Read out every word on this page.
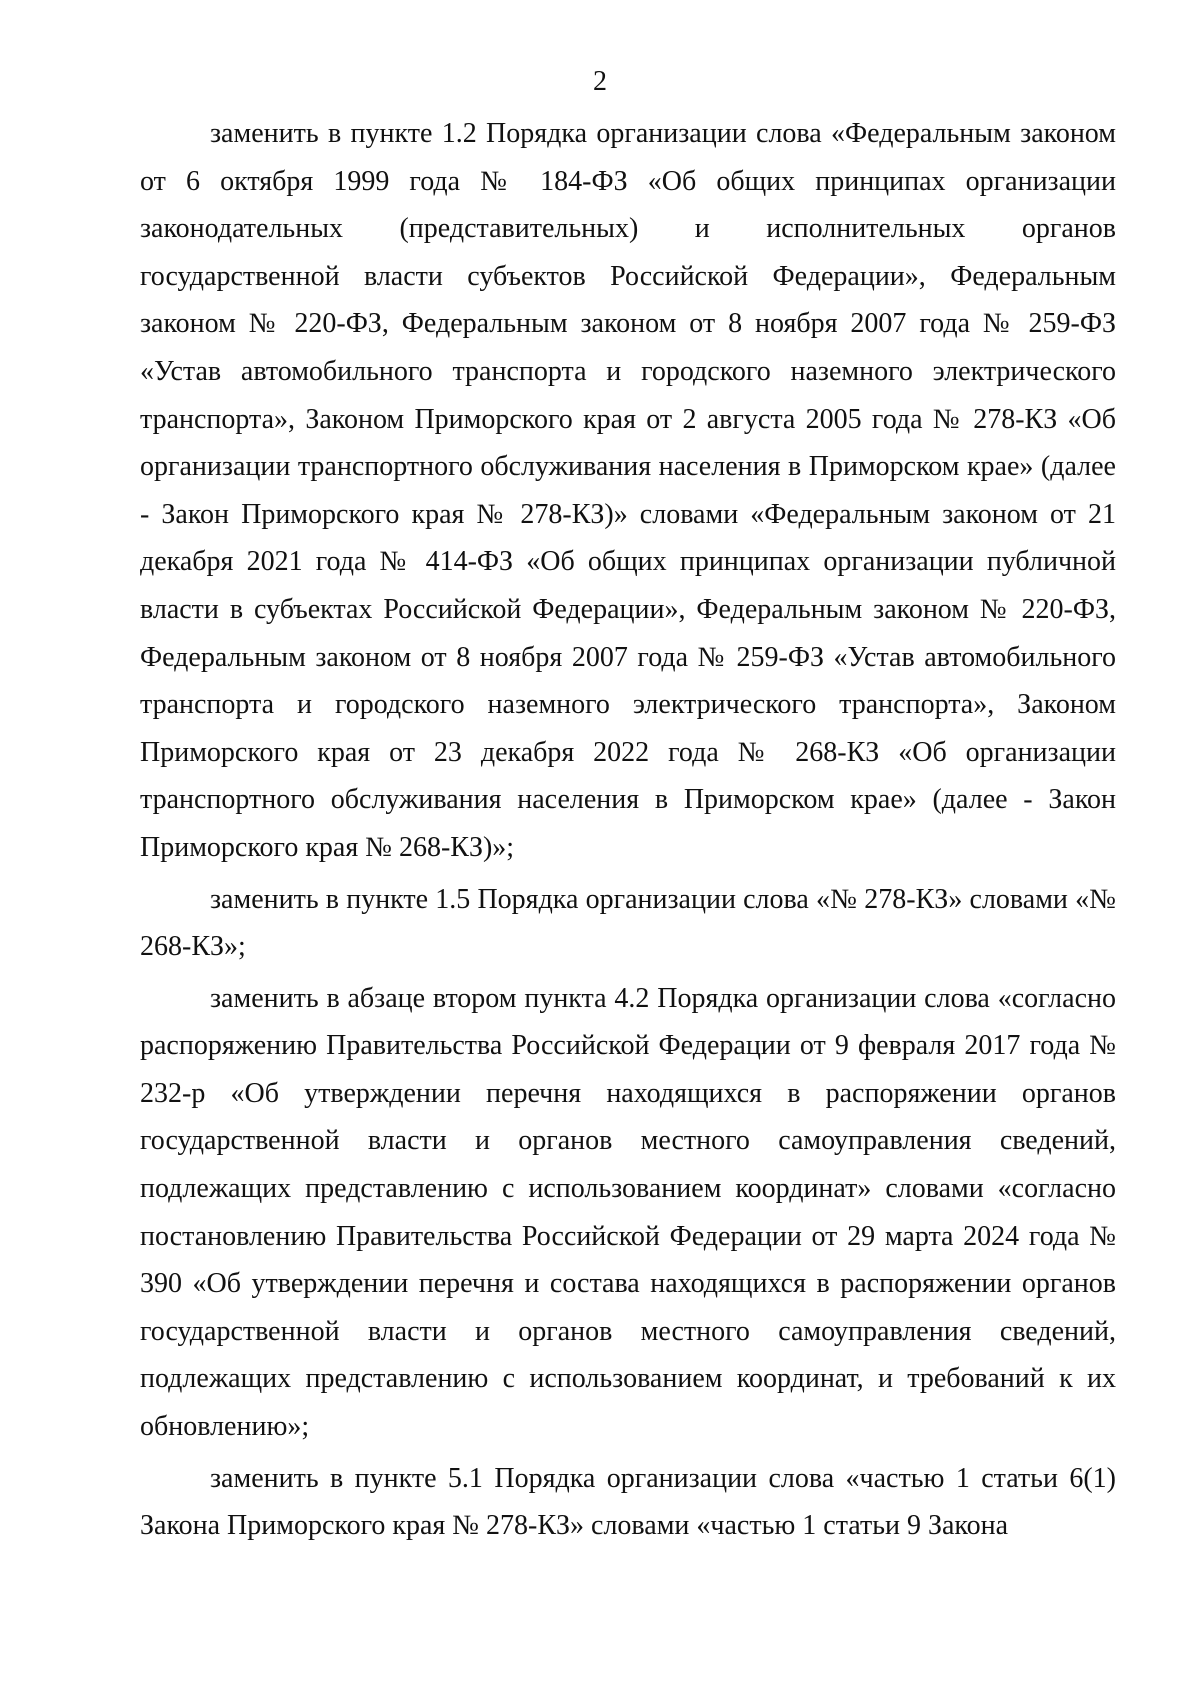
2

заменить в пункте 1.2 Порядка организации слова «Федеральным законом от 6 октября 1999 года № 184-ФЗ «Об общих принципах организации законодательных (представительных) и исполнительных органов государственной власти субъектов Российской Федерации», Федеральным законом № 220-ФЗ, Федеральным законом от 8 ноября 2007 года № 259-ФЗ «Устав автомобильного транспорта и городского наземного электрического транспорта», Законом Приморского края от 2 августа 2005 года № 278-КЗ «Об организации транспортного обслуживания населения в Приморском крае» (далее - Закон Приморского края № 278-КЗ)» словами «Федеральным законом от 21 декабря 2021 года № 414-ФЗ «Об общих принципах организации публичной власти в субъектах Российской Федерации», Федеральным законом № 220-ФЗ, Федеральным законом от 8 ноября 2007 года № 259-ФЗ «Устав автомобильного транспорта и городского наземного электрического транспорта», Законом Приморского края от 23 декабря 2022 года № 268-КЗ «Об организации транспортного обслуживания населения в Приморском крае» (далее - Закон Приморского края № 268-КЗ)»;

заменить в пункте 1.5 Порядка организации слова «№ 278-КЗ» словами «№ 268-КЗ»;

заменить в абзаце втором пункта 4.2 Порядка организации слова «согласно распоряжению Правительства Российской Федерации от 9 февраля 2017 года № 232-р «Об утверждении перечня находящихся в распоряжении органов государственной власти и органов местного самоуправления сведений, подлежащих представлению с использованием координат» словами «согласно постановлению Правительства Российской Федерации от 29 марта 2024 года № 390 «Об утверждении перечня и состава находящихся в распоряжении органов государственной власти и органов местного самоуправления сведений, подлежащих представлению с использованием координат, и требований к их обновлению»;

заменить в пункте 5.1 Порядка организации слова «частью 1 статьи 6(1) Закона Приморского края № 278-КЗ» словами «частью 1 статьи 9 Закона
